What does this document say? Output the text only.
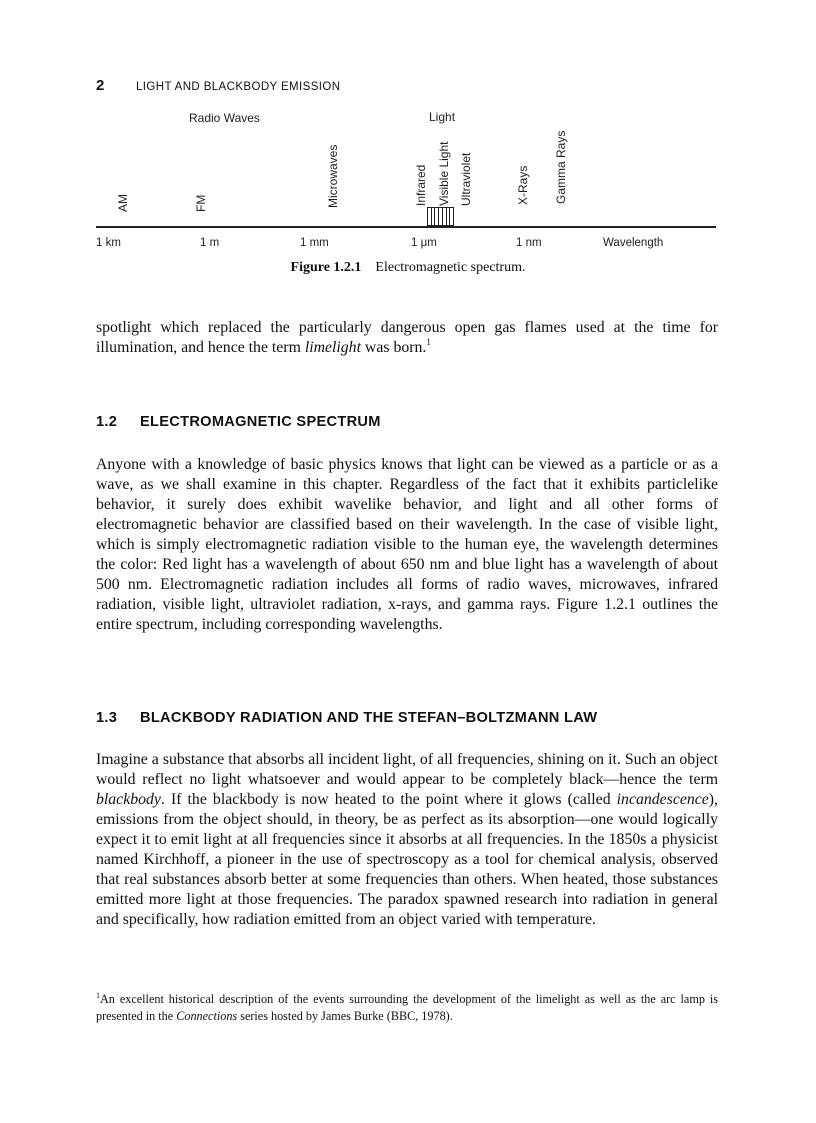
2	LIGHT AND BLACKBODY EMISSION
Radio Waves	Light
AM	FM	Microwaves	Infrared Visible Light Ultraviolet	X-Rays Gamma Rays
1 km	1 m	1 mm	1 μm	1 nm	Wavelength
Figure 1.2.1 Electromagnetic spectrum.

spotlight which replaced the particularly dangerous open gas flames used at the time for illumination, and hence the term limelight was born.$^1$

1.2 ELECTROMAGNETIC SPECTRUM

Anyone with a knowledge of basic physics knows that light can be viewed as a particle or as a wave, as we shall examine in this chapter. Regardless of the fact that it exhibits particlelike behavior, it surely does exhibit wavelike behavior, and light and all other forms of electromagnetic behavior are classified based on their wavelength. In the case of visible light, which is simply electromagnetic radiation visible to the human eye, the wavelength determines the color: Red light has a wavelength of about 650 nm and blue light has a wavelength of about 500 nm. Electromagnetic radiation includes all forms of radio waves, microwaves, infrared radiation, visible light, ultraviolet radiation, x-rays, and gamma rays. Figure 1.2.1 outlines the entire spectrum, including corresponding wavelengths.

1.3 BLACKBODY RADIATION AND THE STEFAN–BOLTZMANN LAW

Imagine a substance that absorbs all incident light, of all frequencies, shining on it. Such an object would reflect no light whatsoever and would appear to be completely black—hence the term blackbody. If the blackbody is now heated to the point where it glows (called incandescence), emissions from the object should, in theory, be as perfect as its absorption—one would logically expect it to emit light at all frequencies since it absorbs at all frequencies. In the 1850s a physicist named Kirchhoff, a pioneer in the use of spectroscopy as a tool for chemical analysis, observed that real substances absorb better at some frequencies than others. When heated, those substances emitted more light at those frequencies. The paradox spawned research into radiation in general and specifically, how radiation emitted from an object varied with temperature.

$^1$An excellent historical description of the events surrounding the development of the limelight as well as the arc lamp is presented in the Connections series hosted by James Burke (BBC, 1978).
